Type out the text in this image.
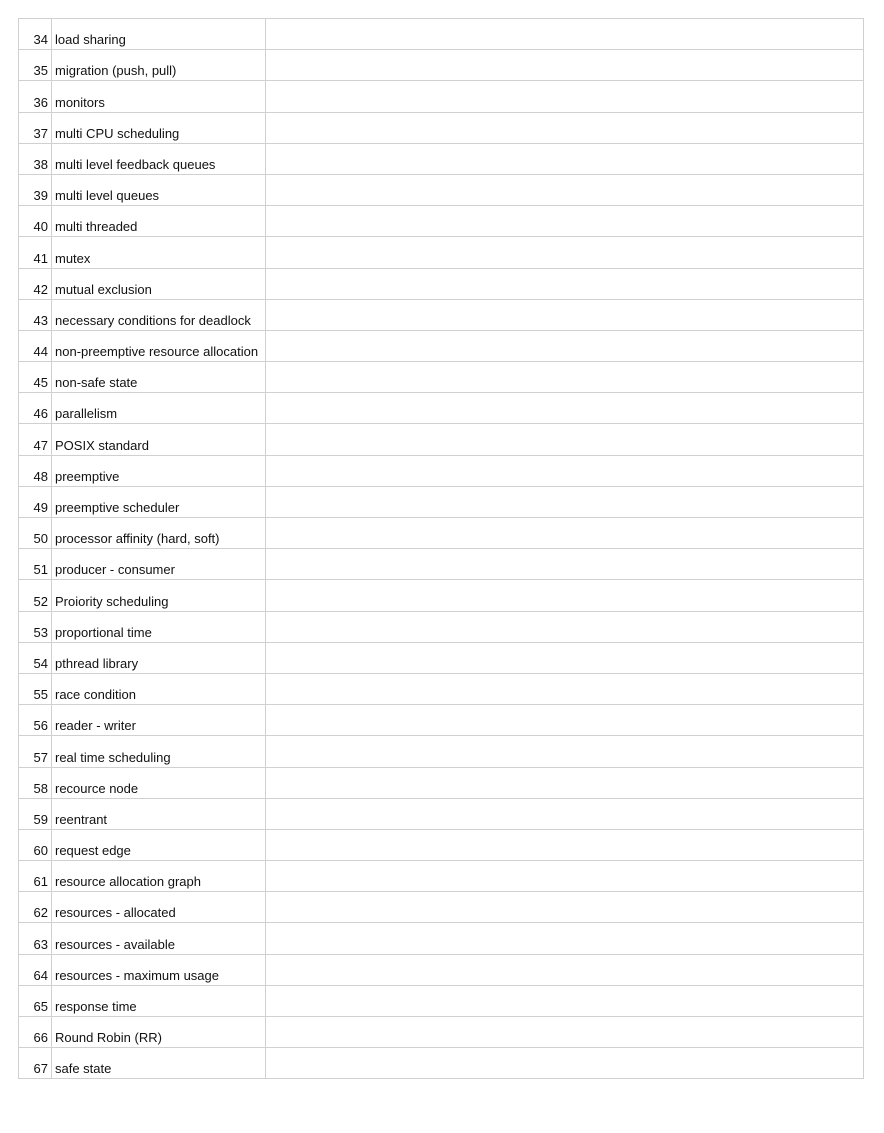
34 load sharing
35 migration (push, pull)
36 monitors
37 multi CPU scheduling
38 multi level feedback queues
39 multi level queues
40 multi threaded
41 mutex
42 mutual exclusion
43 necessary conditions for deadlock
44 non-preemptive resource allocation
45 non-safe state
46 parallelism
47 POSIX standard
48 preemptive
49 preemptive scheduler
50 processor affinity (hard, soft)
51 producer - consumer
52 Proiority scheduling
53 proportional time
54 pthread library
55 race condition
56 reader - writer
57 real time scheduling
58 recource node
59 reentrant
60 request edge
61 resource allocation graph
62 resources - allocated
63 resources - available
64 resources - maximum usage
65 response time
66 Round Robin (RR)
67 safe state
